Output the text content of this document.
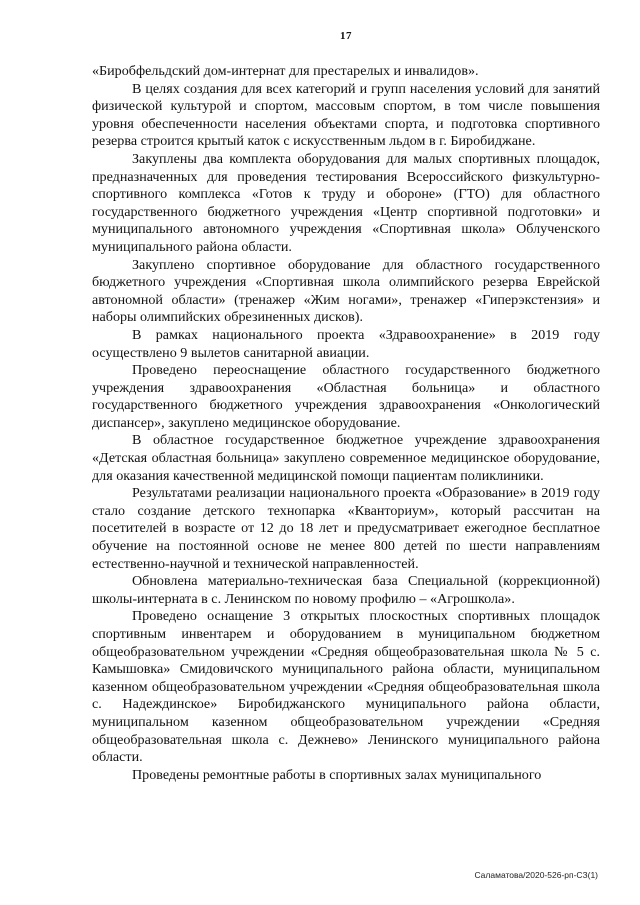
17

«Биробфельдский дом-интернат для престарелых и инвалидов».

В целях создания для всех категорий и групп населения условий для занятий физической культурой и спортом, массовым спортом, в том числе повышения уровня обеспеченности населения объектами спорта, и подготовка спортивного резерва строится крытый каток с искусственным льдом в г. Биробиджане.

Закуплены два комплекта оборудования для малых спортивных площадок, предназначенных для проведения тестирования Всероссийского физкультурно-спортивного комплекса «Готов к труду и обороне» (ГТО) для областного государственного бюджетного учреждения «Центр спортивной подготовки» и муниципального автономного учреждения «Спортивная школа» Облученского муниципального района области.

Закуплено спортивное оборудование для областного государственного бюджетного учреждения «Спортивная школа олимпийского резерва Еврейской автономной области» (тренажер «Жим ногами», тренажер «Гиперэкстензия» и наборы олимпийских обрезиненных дисков).

В рамках национального проекта «Здравоохранение» в 2019 году осуществлено 9 вылетов санитарной авиации.

Проведено переоснащение областного государственного бюджетного учреждения здравоохранения «Областная больница» и областного государственного бюджетного учреждения здравоохранения «Онкологический диспансер», закуплено медицинское оборудование.

В областное государственное бюджетное учреждение здравоохранения «Детская областная больница» закуплено современное медицинское оборудование, для оказания качественной медицинской помощи пациентам поликлиники.

Результатами реализации национального проекта «Образование» в 2019 году стало создание детского технопарка «Кванториум», который рассчитан на посетителей в возрасте от 12 до 18 лет и предусматривает ежегодное бесплатное обучение на постоянной основе не менее 800 детей по шести направлениям естественно-научной и технической направленностей.

Обновлена материально-техническая база Специальной (коррекционной) школы-интерната в с. Ленинском по новому профилю – «Агрошкола».

Проведено оснащение 3 открытых плоскостных спортивных площадок спортивным инвентарем и оборудованием в муниципальном бюджетном общеобразовательном учреждении «Средняя общеобразовательная школа № 5 с. Камышовка» Смидовичского муниципального района области, муниципальном казенном общеобразовательном учреждении «Средняя общеобразовательная школа с. Надеждинское» Биробиджанского муниципального района области, муниципальном казенном общеобразовательном учреждении «Средняя общеобразовательная школа с. Дежнево» Ленинского муниципального района области.

Проведены ремонтные работы в спортивных залах муниципального

Саламатова/2020-526-рп-СЗ(1)
